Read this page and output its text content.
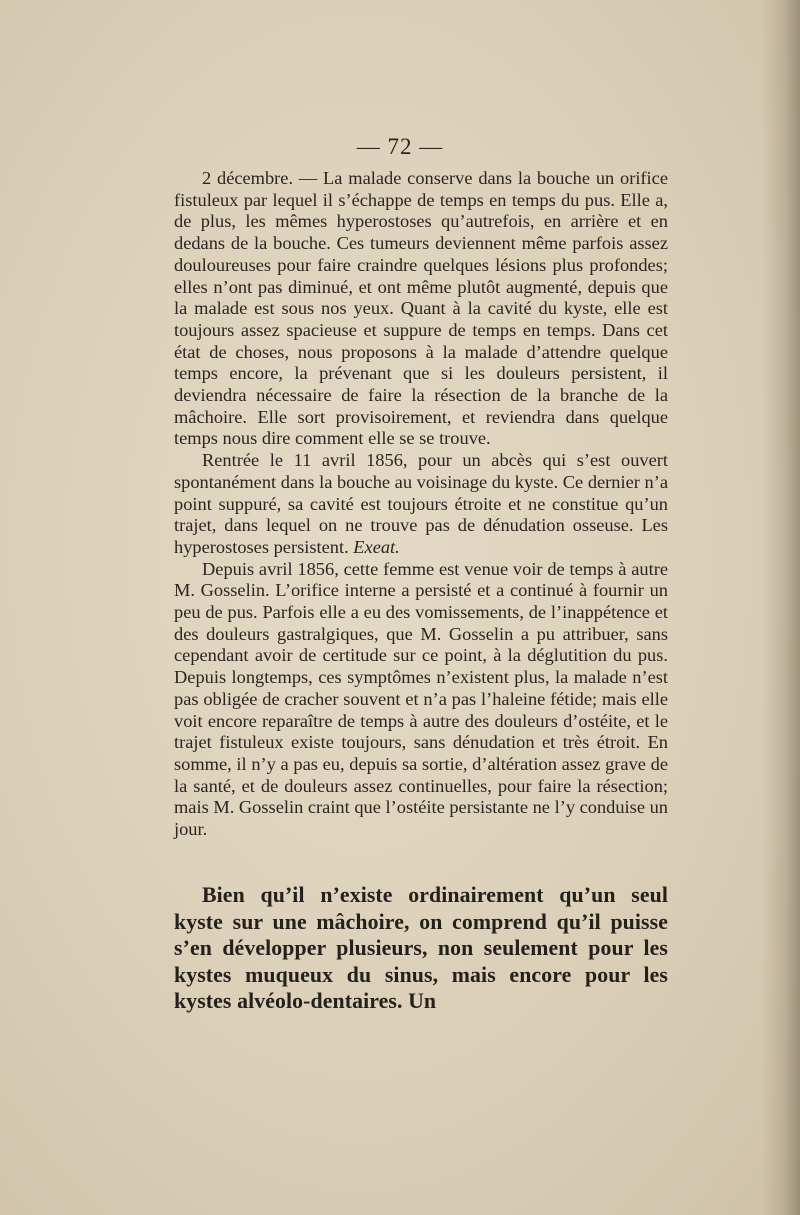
— 72 —

2 décembre. — La malade conserve dans la bouche un orifice fistuleux par lequel il s’échappe de temps en temps du pus. Elle a, de plus, les mêmes hyperostoses qu’autrefois, en arrière et en dedans de la bouche. Ces tumeurs deviennent même parfois assez douloureuses pour faire craindre quelques lésions plus profondes; elles n’ont pas diminué, et ont même plutôt augmenté, depuis que la malade est sous nos yeux. Quant à la cavité du kyste, elle est toujours assez spacieuse et suppure de temps en temps. Dans cet état de choses, nous proposons à la malade d’attendre quelque temps encore, la prévenant que si les douleurs persistent, il deviendra nécessaire de faire la résection de la branche de la mâchoire. Elle sort provisoirement, et reviendra dans quelque temps nous dire comment elle se se trouve.

Rentrée le 11 avril 1856, pour un abcès qui s’est ouvert spontanément dans la bouche au voisinage du kyste. Ce dernier n’a point suppuré, sa cavité est toujours étroite et ne constitue qu’un trajet, dans lequel on ne trouve pas de dénudation osseuse. Les hyperostoses persistent. Exeat.

Depuis avril 1856, cette femme est venue voir de temps à autre M. Gosselin. L’orifice interne a persisté et a continué à fournir un peu de pus. Parfois elle a eu des vomissements, de l’inappétence et des douleurs gastralgiques, que M. Gosselin a pu attribuer, sans cependant avoir de certitude sur ce point, à la déglutition du pus. Depuis longtemps, ces symptômes n’existent plus, la malade n’est pas obligée de cracher souvent et n’a pas l’haleine fétide; mais elle voit encore reparaître de temps à autre des douleurs d’ostéite, et le trajet fistuleux existe toujours, sans dénudation et très étroit. En somme, il n’y a pas eu, depuis sa sortie, d’altération assez grave de la santé, et de douleurs assez continuelles, pour faire la résection; mais M. Gosselin craint que l’ostéite persistante ne l’y conduise un jour.

Bien qu’il n’existe ordinairement qu’un seul kyste sur une mâchoire, on comprend qu’il puisse s’en développer plusieurs, non seulement pour les kystes muqueux du sinus, mais encore pour les kystes alvéolo-dentaires. Un
